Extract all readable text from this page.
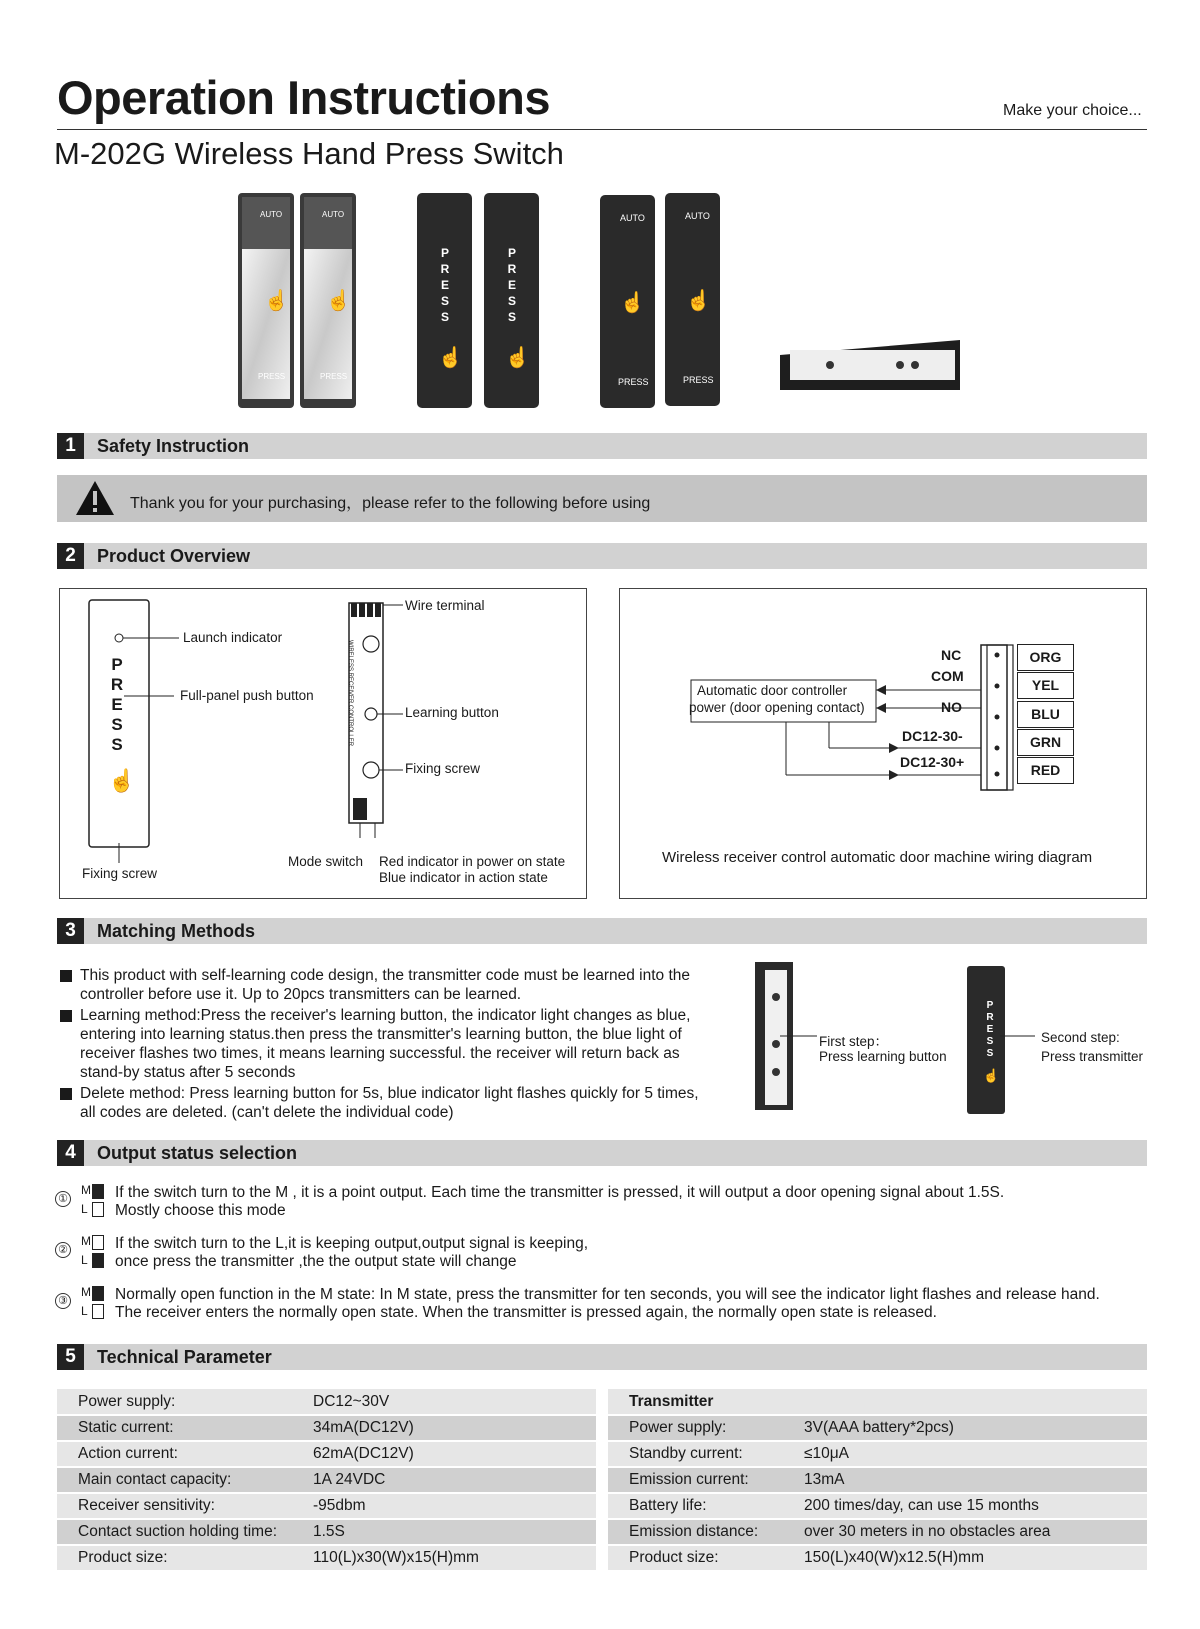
Operation Instructions	Make your choice...
M-202G Wireless Hand Press Switch
AUTO	AUTO
PRESS	PRESS
AUTO	AUTO
PRESS	PRESS
P
R
E
S
S
P
R
E
S
S
☝ ☝
☝ ☝	☝ ☝
1	Safety Instruction
Thank you for your purchasing，please refer to the following before using
2	Product Overview
P
R
E
S
S
☝
WIRELESS RECEIVER CONTROLLER
Launch indicator
Full-panel push button
Fixing screw
Wire terminal
Learning button
Fixing screw
Mode switch Red indicator in power on state
Blue indicator in action state
Automatic door controller
power (door opening contact)
NC
COM
NO
DC12-30-
DC12-30+
ORG
YEL
BLU
GRN
RED
Wireless receiver control automatic door machine wiring diagram
3	Matching Methods
This product with self-learning code design, the transmitter code must be learned into the controller before use it. Up to 20pcs transmitters can be learned.
Learning method:Press the receiver's learning button, the indicator light changes as blue, entering into learning status.then press the transmitter's learning button, the blue light of receiver flashes two times, it means learning successful. the receiver will return back as stand-by status after 5 seconds
Delete method: Press learning button for 5s, blue indicator light flashes quickly for 5 times, all codes are deleted. (can't delete the individual code)
P
R
E
S
S
☝
First step：
Press learning button
Second step:
Press transmitter
4	Output status selection
①
M
L
If the switch turn to the M , it is a point output. Each time the transmitter is pressed, it will output a door opening signal about 1.5S.
Mostly choose this mode
②
M
L
If the switch turn to the L,it is keeping output,output signal is keeping,
once press the transmitter ,the the output state will change
③
M
L
Normally open function in the M state: In M state, press the transmitter for ten seconds, you will see the indicator light flashes and release hand.
The receiver enters the normally open state. When the transmitter is pressed again, the normally open state is released.
5	Technical Parameter
Power supply:	DC12~30V
Static current:	34mA(DC12V)
Action current:	62mA(DC12V)
Main contact capacity:	1A 24VDC
Receiver sensitivity:	-95dbm
Contact suction holding time:	1.5S
Product size:	110(L)x30(W)x15(H)mm
Transmitter	
Power supply:	3V(AAA battery*2pcs)
Standby current:	≤10μA
Emission current:	13mA
Battery life:	200 times/day, can use 15 months
Emission distance:	over 30 meters in no obstacles area
Product size:	150(L)x40(W)x12.5(H)mm
